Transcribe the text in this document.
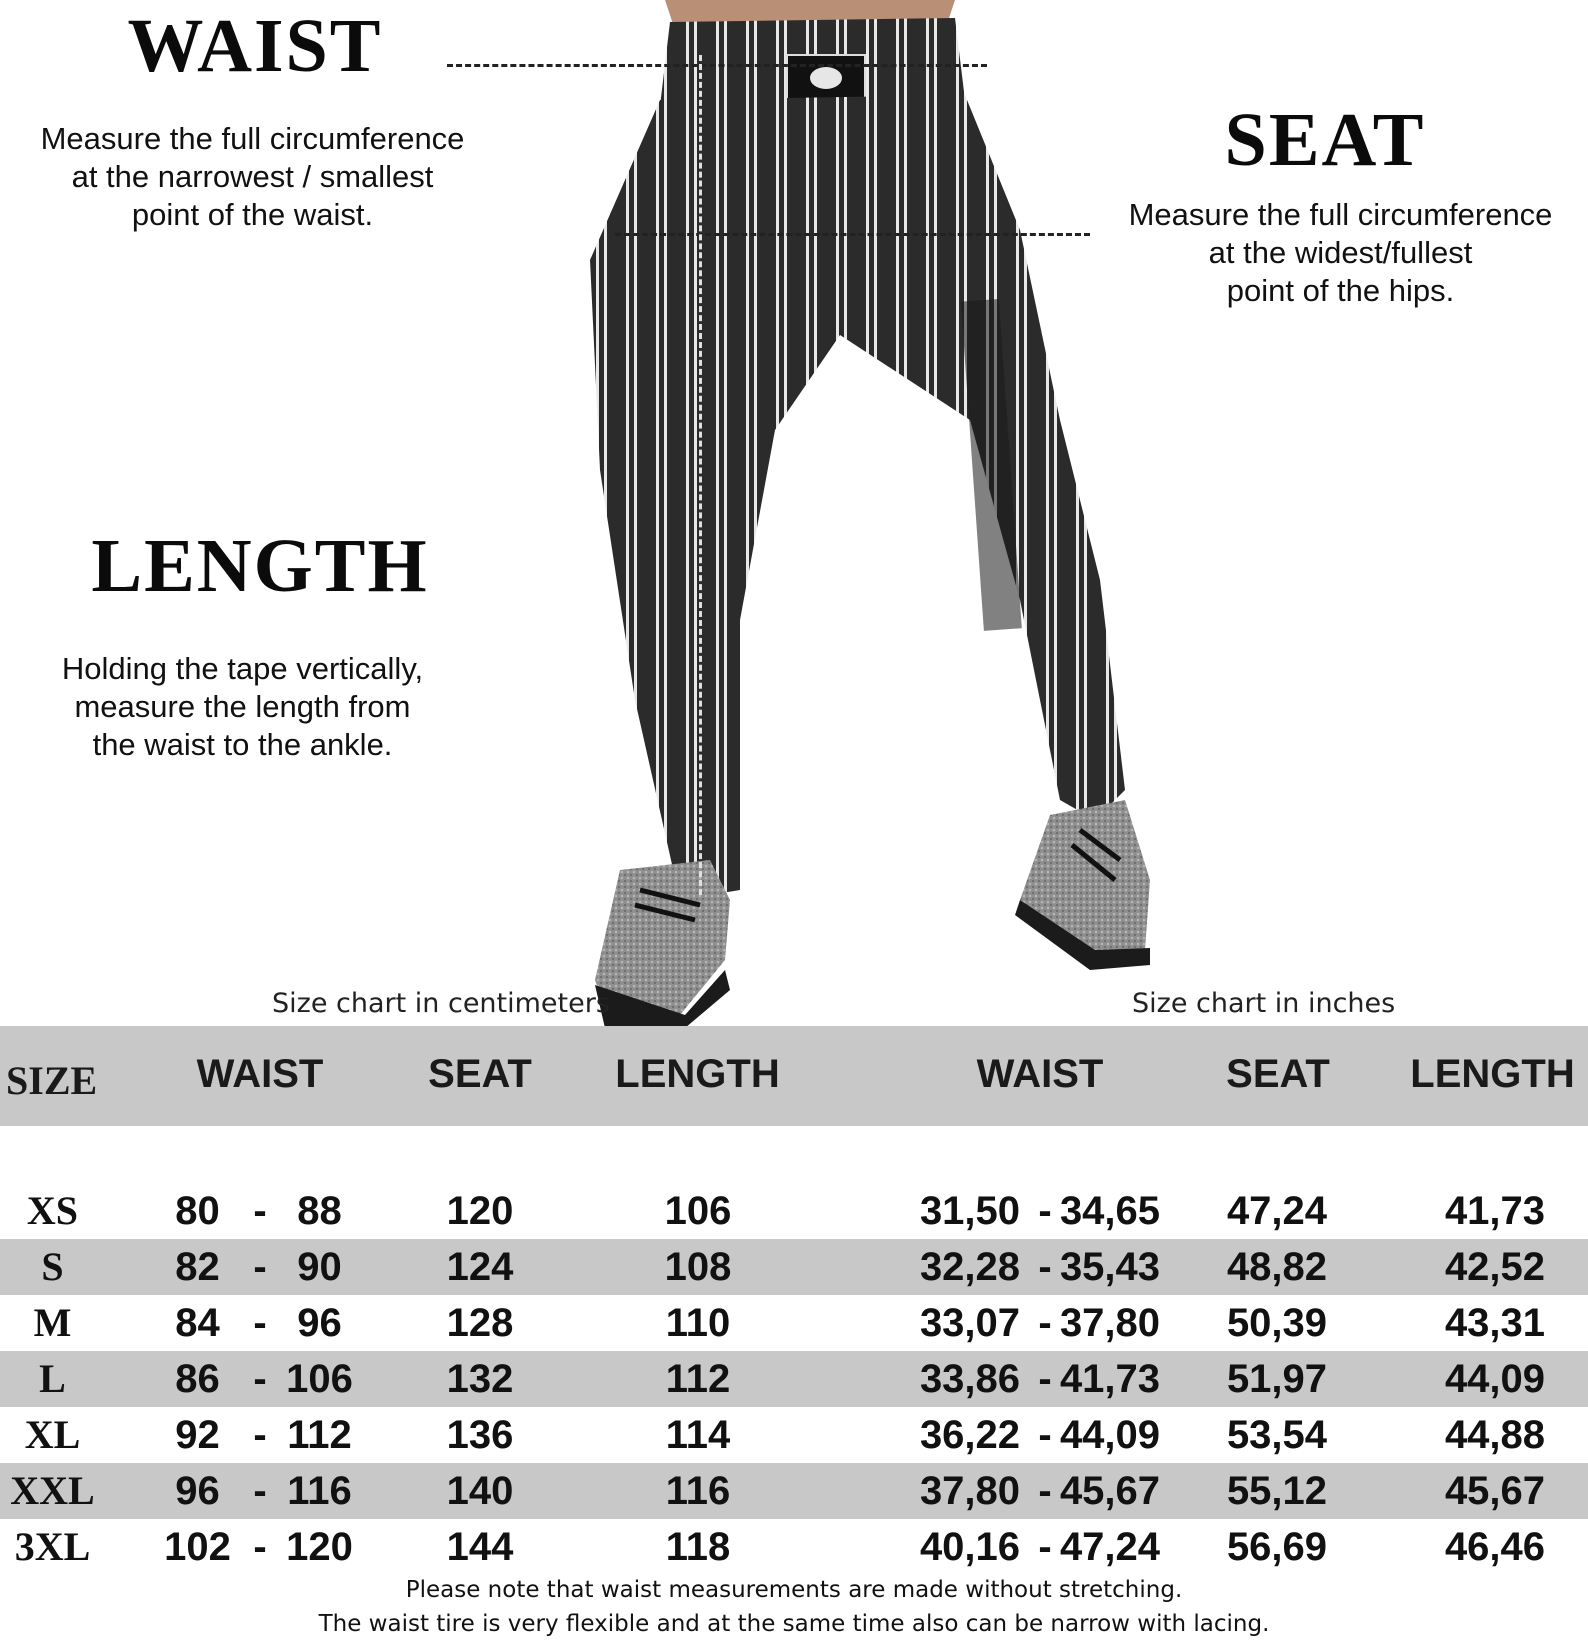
WAIST
Measure the full circumference
at the narrowest / smallest
point of the waist.
SEAT
Measure the full circumference
at the widest/fullest
point of the hips.
LENGTH
Holding the tape vertically,
measure the length from
the waist to the ankle.
Size chart in centimeters	Size chart in inches
SIZE	WAIST	SEAT	LENGTH	WAIST	SEAT	LENGTH
XS	80 - 88	120	106	31,50 - 34,65 47,24	41,73
S	82 - 90	124	108	32,28 - 35,43 48,82	42,52
M	84 - 96	128	110	33,07 - 37,80 50,39	43,31
L	86 - 106	132	112	33,86 - 41,73 51,97	44,09
XL	92 - 112	136	114	36,22 - 44,09 53,54	44,88
XXL	96 - 116	140	116	37,80 - 45,67 55,12	45,67
3XL 102 - 120	144	118	40,16 - 47,24 56,69	46,46
Please note that waist measurements are made without stretching.
The waist tire is very flexible and at the same time also can be narrow with lacing.
